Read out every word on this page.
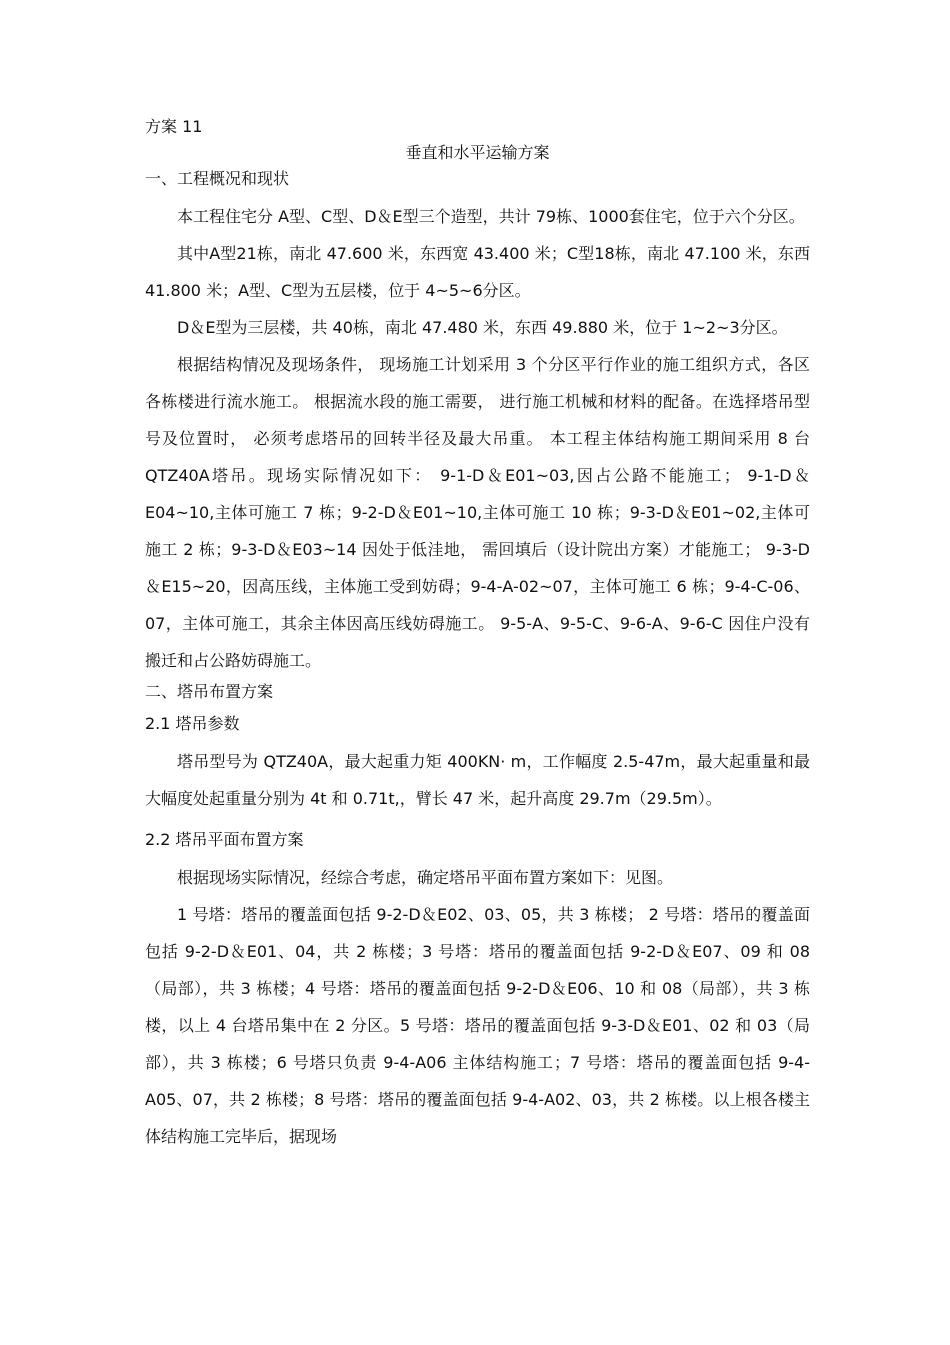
方案 11
垂直和水平运输方案
一、工程概况和现状

本工程住宅分 A型、C型、D＆E型三个造型，共计 79栋、1000套住宅，位于六个分区。

其中A型21栋，南北 47.600 米，东西宽 43.400 米；C型18栋，南北 47.100 米，东西41.800 米；A型、C型为五层楼，位于 4~5~6分区。

D＆E型为三层楼，共 40栋，南北 47.480 米，东西 49.880 米，位于 1~2~3分区。

根据结构情况及现场条件， 现场施工计划采用 3 个分区平行作业的施工组织方式，各区各栋楼进行流水施工。 根据流水段的施工需要， 进行施工机械和材料的配备。在选择塔吊型号及位置时， 必须考虑塔吊的回转半径及最大吊重。 本工程主体结构施工期间采用 8 台 QTZ40A塔吊。现场实际情况如下： 9-1-D＆E01~03,因占公路不能施工； 9-1-D＆E04~10,主体可施工 7 栋；9-2-D＆E01~10,主体可施工 10 栋；9-3-D＆E01~02,主体可施工 2 栋；9-3-D＆E03~14 因处于低洼地， 需回填后（设计院出方案）才能施工； 9-3-D＆E15~20，因高压线，主体施工受到妨碍；9-4-A-02~07，主体可施工 6 栋；9-4-C-06、07，主体可施工，其余主体因高压线妨碍施工。 9-5-A、9-5-C、9-6-A、9-6-C 因住户没有搬迁和占公路妨碍施工。

二、塔吊布置方案
2.1 塔吊参数

塔吊型号为 QTZ40A，最大起重力矩 400KN· m，工作幅度 2.5-47m，最大起重量和最大幅度处起重量分别为 4t 和 0.71t,，臂长 47 米，起升高度 29.7m（29.5m）。

2.2 塔吊平面布置方案

根据现场实际情况，经综合考虑，确定塔吊平面布置方案如下：见图。

1 号塔：塔吊的覆盖面包括 9-2-D＆E02、03、05，共 3 栋楼； 2 号塔：塔吊的覆盖面包括 9-2-D＆E01、04，共 2 栋楼；3 号塔：塔吊的覆盖面包括 9-2-D＆E07、09 和 08（局部），共 3 栋楼；4 号塔：塔吊的覆盖面包括 9-2-D＆E06、10 和 08（局部），共 3 栋楼，以上 4 台塔吊集中在 2 分区。5 号塔：塔吊的覆盖面包括 9-3-D＆E01、02 和 03（局部），共 3 栋楼；6 号塔只负责 9-4-A06 主体结构施工；7 号塔：塔吊的覆盖面包括 9-4-A05、07，共 2 栋楼；8 号塔：塔吊的覆盖面包括 9-4-A02、03，共 2 栋楼。以上根各楼主体结构施工完毕后，据现场
